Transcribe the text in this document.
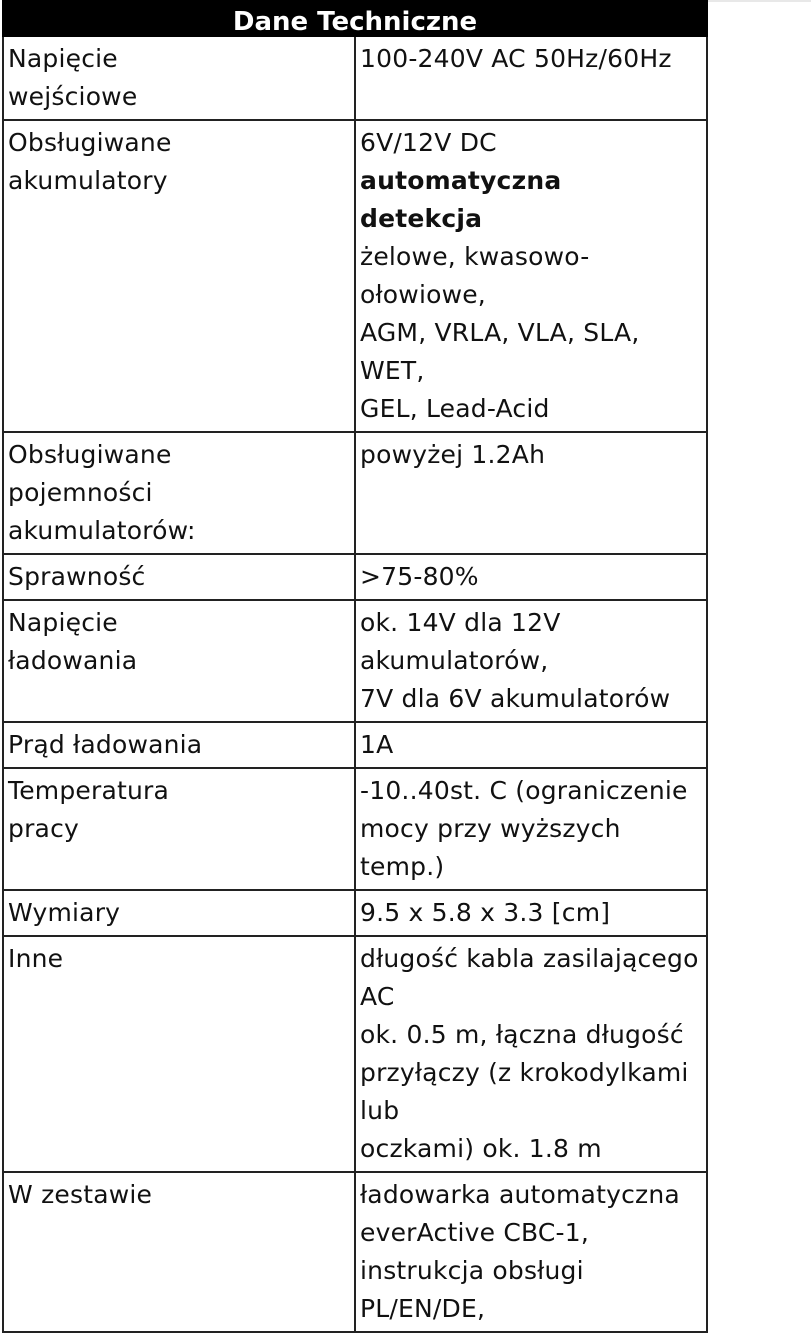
Dane Techniczne	

Napięcie
wejściowe	100-240V AC 50Hz/60Hz

Obsługiwane
akumulatory	6V/12V DC automatyczna
detekcja
żelowe, kwasowo-ołowiowe,
AGM, VRLA, VLA, SLA, WET,
GEL, Lead-Acid

Obsługiwane
pojemności
akumulatorów:	powyżej 1.2Ah

Sprawność	>75-80%

Napięcie
ładowania	ok. 14V dla 12V
akumulatorów,
7V dla 6V akumulatorów

Prąd ładowania	1A

Temperatura
pracy	-10..40st. C (ograniczenie
mocy przy wyższych temp.)

Wymiary	9.5 x 5.8 x 3.3 [cm]

Inne	długość kabla zasilającego AC
ok. 0.5 m, łączna długość
przyłączy (z krokodylkami lub
oczkami) ok. 1.8 m

W zestawie	ładowarka automatyczna
everActive CBC-1,
instrukcja obsługi PL/EN/DE,
